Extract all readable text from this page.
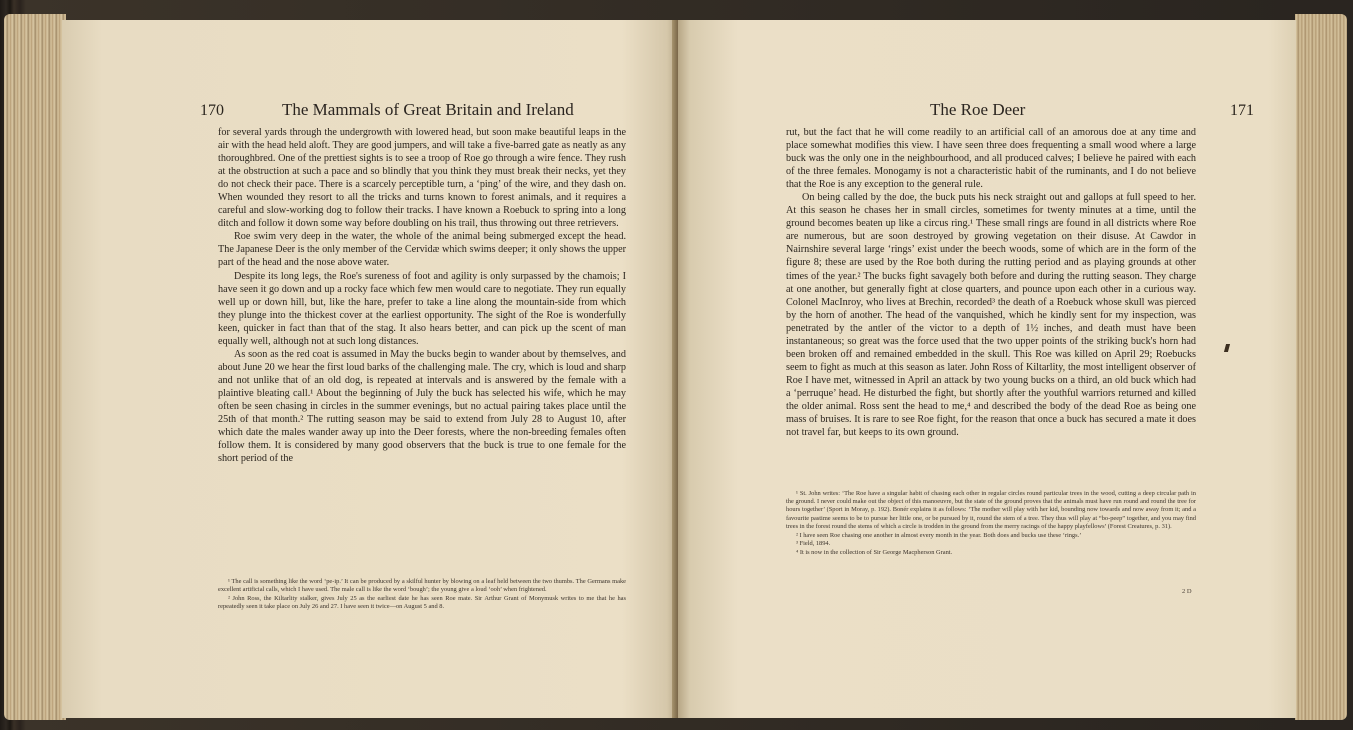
170	The Mammals of Great Britain and Ireland

for several yards through the undergrowth with lowered head, but soon make beautiful leaps in the air with the head held aloft. They are good jumpers, and will take a five-barred gate as neatly as any thoroughbred. One of the prettiest sights is to see a troop of Roe go through a wire fence. They rush at the obstruction at such a pace and so blindly that you think they must break their necks, yet they do not check their pace. There is a scarcely perceptible turn, a ‘ping’ of the wire, and they dash on. When wounded they resort to all the tricks and turns known to forest animals, and it requires a careful and slow-working dog to follow their tracks. I have known a Roebuck to spring into a long ditch and follow it down some way before doubling on his trail, thus throwing out three retrievers.

Roe swim very deep in the water, the whole of the animal being submerged except the head. The Japanese Deer is the only member of the Cervidæ which swims deeper; it only shows the upper part of the head and the nose above water.

Despite its long legs, the Roe's sureness of foot and agility is only surpassed by the chamois; I have seen it go down and up a rocky face which few men would care to negotiate. They run equally well up or down hill, but, like the hare, prefer to take a line along the mountain-side from which they plunge into the thickest cover at the earliest opportunity. The sight of the Roe is wonderfully keen, quicker in fact than that of the stag. It also hears better, and can pick up the scent of man equally well, although not at such long distances.

As soon as the red coat is assumed in May the bucks begin to wander about by themselves, and about June 20 we hear the first loud barks of the challenging male. The cry, which is loud and sharp and not unlike that of an old dog, is repeated at intervals and is answered by the female with a plaintive bleating call.¹ About the beginning of July the buck has selected his wife, which he may often be seen chasing in circles in the summer evenings, but no actual pairing takes place until the 25th of that month.² The rutting season may be said to extend from July 28 to August 10, after which date the males wander away up into the Deer forests, where the non-breeding females often follow them. It is considered by many good observers that the buck is true to one female for the short period of the

¹ The call is something like the word ‘pe-ip.’ It can be produced by a skilful hunter by blowing on a leaf held between the two thumbs. The Germans make excellent artificial calls, which I have used. The male call is like the word ‘bough’; the young give a loud ‘ooh’ when frightened.

² John Ross, the Kiltarlity stalker, gives July 25 as the earliest date he has seen Roe mate. Sir Arthur Grant of Monymusk writes to me that he has repeatedly seen it take place on July 26 and 27. I have seen it twice—on August 5 and 8.

The Roe Deer	171

rut, but the fact that he will come readily to an artificial call of an amorous doe at any time and place somewhat modifies this view. I have seen three does frequenting a small wood where a large buck was the only one in the neighbourhood, and all produced calves; I believe he paired with each of the three females. Monogamy is not a characteristic habit of the ruminants, and I do not believe that the Roe is any exception to the general rule.

On being called by the doe, the buck puts his neck straight out and gallops at full speed to her. At this season he chases her in small circles, sometimes for twenty minutes at a time, until the ground becomes beaten up like a circus ring.¹ These small rings are found in all districts where Roe are numerous, but are soon destroyed by growing vegetation on their disuse. At Cawdor in Nairnshire several large ‘rings’ exist under the beech woods, some of which are in the form of the figure 8; these are used by the Roe both during the rutting period and as playing grounds at other times of the year.² The bucks fight savagely both before and during the rutting season. They charge at one another, but generally fight at close quarters, and pounce upon each other in a curious way. Colonel MacInroy, who lives at Brechin, recorded³ the death of a Roebuck whose skull was pierced by the horn of another. The head of the vanquished, which he kindly sent for my inspection, was penetrated by the antler of the victor to a depth of 1½ inches, and death must have been instantaneous; so great was the force used that the two upper points of the striking buck's horn had been broken off and remained embedded in the skull. This Roe was killed on April 29; Roebucks seem to fight as much at this season as later. John Ross of Kiltarlity, the most intelligent observer of Roe I have met, witnessed in April an attack by two young bucks on a third, an old buck which had a ‘perruque’ head. He disturbed the fight, but shortly after the youthful warriors returned and killed the older animal. Ross sent the head to me,⁴ and described the body of the dead Roe as being one mass of bruises. It is rare to see Roe fight, for the reason that once a buck has secured a mate it does not travel far, but keeps to its own ground.

¹ St. John writes: ‘The Roe have a singular habit of chasing each other in regular circles round particular trees in the wood, cutting a deep circular path in the ground. I never could make out the object of this manoeuvre, but the state of the ground proves that the animals must have run round and round the tree for hours together’ (Sport in Moray, p. 192). Bonér explains it as follows: ‘The mother will play with her kid, bounding now towards and now away from it; and a favourite pastime seems to be to pursue her little one, or be pursued by it, round the stem of a tree. They thus will play at “bo-peep” together, and you may find trees in the forest round the stems of which a circle is trodden in the ground from the merry racings of the happy playfellows’ (Forest Creatures, p. 31).

² I have seen Roe chasing one another in almost every month in the year. Both does and bucks use these ‘rings.’

³ Field, 1894.

⁴ It is now in the collection of Sir George Macpherson Grant.

2 D
